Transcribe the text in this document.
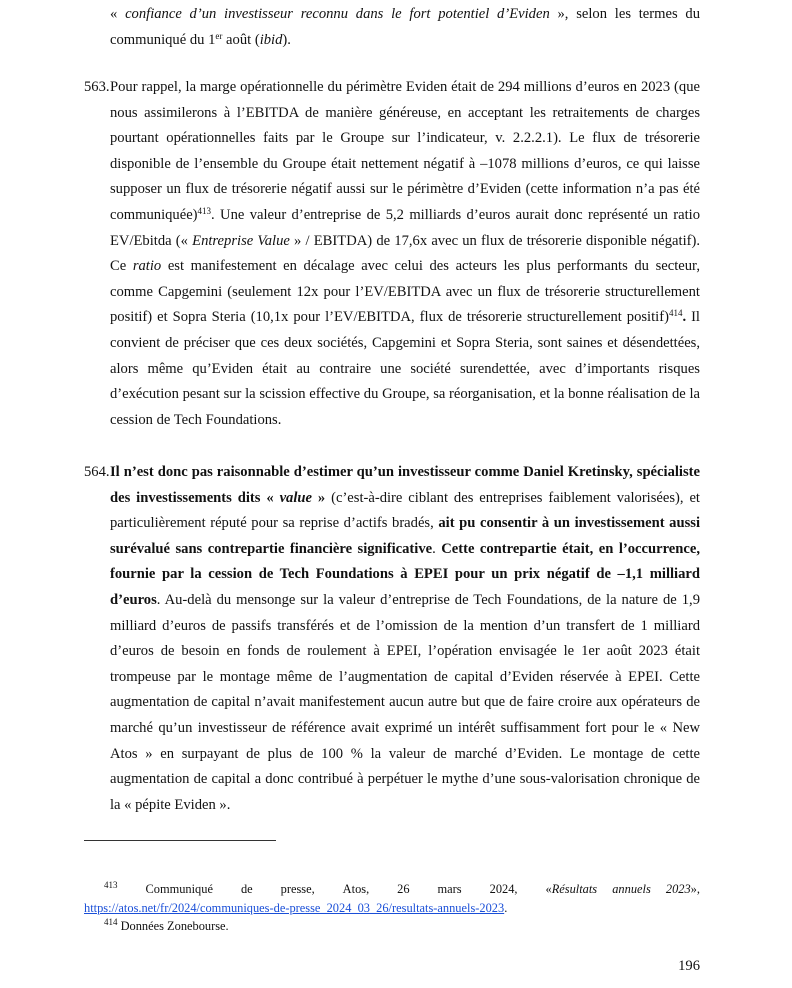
« confiance d’un investisseur reconnu dans le fort potentiel d’Eviden », selon les termes du communiqué du 1er août (ibid).
563. Pour rappel, la marge opérationnelle du périmètre Eviden était de 294 millions d’euros en 2023 (que nous assimilerons à l’EBITDA de manière généreuse, en acceptant les retraitements de charges pourtant opérationnelles faits par le Groupe sur l’indicateur, v. 2.2.2.1). Le flux de trésorerie disponible de l’ensemble du Groupe était nettement négatif à –1078 millions d’euros, ce qui laisse supposer un flux de trésorerie négatif aussi sur le périmètre d’Eviden (cette information n’a pas été communiquée)$^{413}$. Une valeur d’entreprise de 5,2 milliards d’euros aurait donc représenté un ratio EV/Ebitda (« Entreprise Value » / EBITDA) de 17,6x avec un flux de trésorerie disponible négatif). Ce ratio est manifestement en décalage avec celui des acteurs les plus performants du secteur, comme Capgemini (seulement 12x pour l’EV/EBITDA avec un flux de trésorerie structurellement positif) et Sopra Steria (10,1x pour l’EV/EBITDA, flux de trésorerie structurellement positif)$^{414}$. Il convient de préciser que ces deux sociétés, Capgemini et Sopra Steria, sont saines et désendettées, alors même qu’Eviden était au contraire une société surendettée, avec d’importants risques d’exécution pesant sur la scission effective du Groupe, sa réorganisation, et la bonne réalisation de la cession de Tech Foundations.
564. Il n’est donc pas raisonnable d’estimer qu’un investisseur comme Daniel Kretinsky, spécialiste des investissements dits « value » (c’est-à-dire ciblant des entreprises faiblement valorisées), et particulièrement réputé pour sa reprise d’actifs bradés, ait pu consentir à un investissement aussi surévalué sans contrepartie financière significative. Cette contrepartie était, en l’occurrence, fournie par la cession de Tech Foundations à EPEI pour un prix négatif de –1,1 milliard d’euros. Au-delà du mensonge sur la valeur d’entreprise de Tech Foundations, de la nature de 1,9 milliard d’euros de passifs transférés et de l’omission de la mention d’un transfert de 1 milliard d’euros de besoin en fonds de roulement à EPEI, l’opération envisagée le 1er août 2023 était trompeuse par le montage même de l’augmentation de capital d’Eviden réservée à EPEI. Cette augmentation de capital n’avait manifestement aucun autre but que de faire croire aux opérateurs de marché qu’un investisseur de référence avait exprimé un intérêt suffisamment fort pour le « New Atos » en surpayant de plus de 100 % la valeur de marché d’Eviden. Le montage de cette augmentation de capital a donc contribué à perpétuer le mythe d’une sous-valorisation chronique de la « pépite Eviden ».
$^{413}$ Communiqué de presse, Atos, 26 mars 2024, «Résultats annuels 2023»,
https://atos.net/fr/2024/communiques-de-presse_2024_03_26/resultats-annuels-2023.
$^{414}$ Données Zonebourse.
196
